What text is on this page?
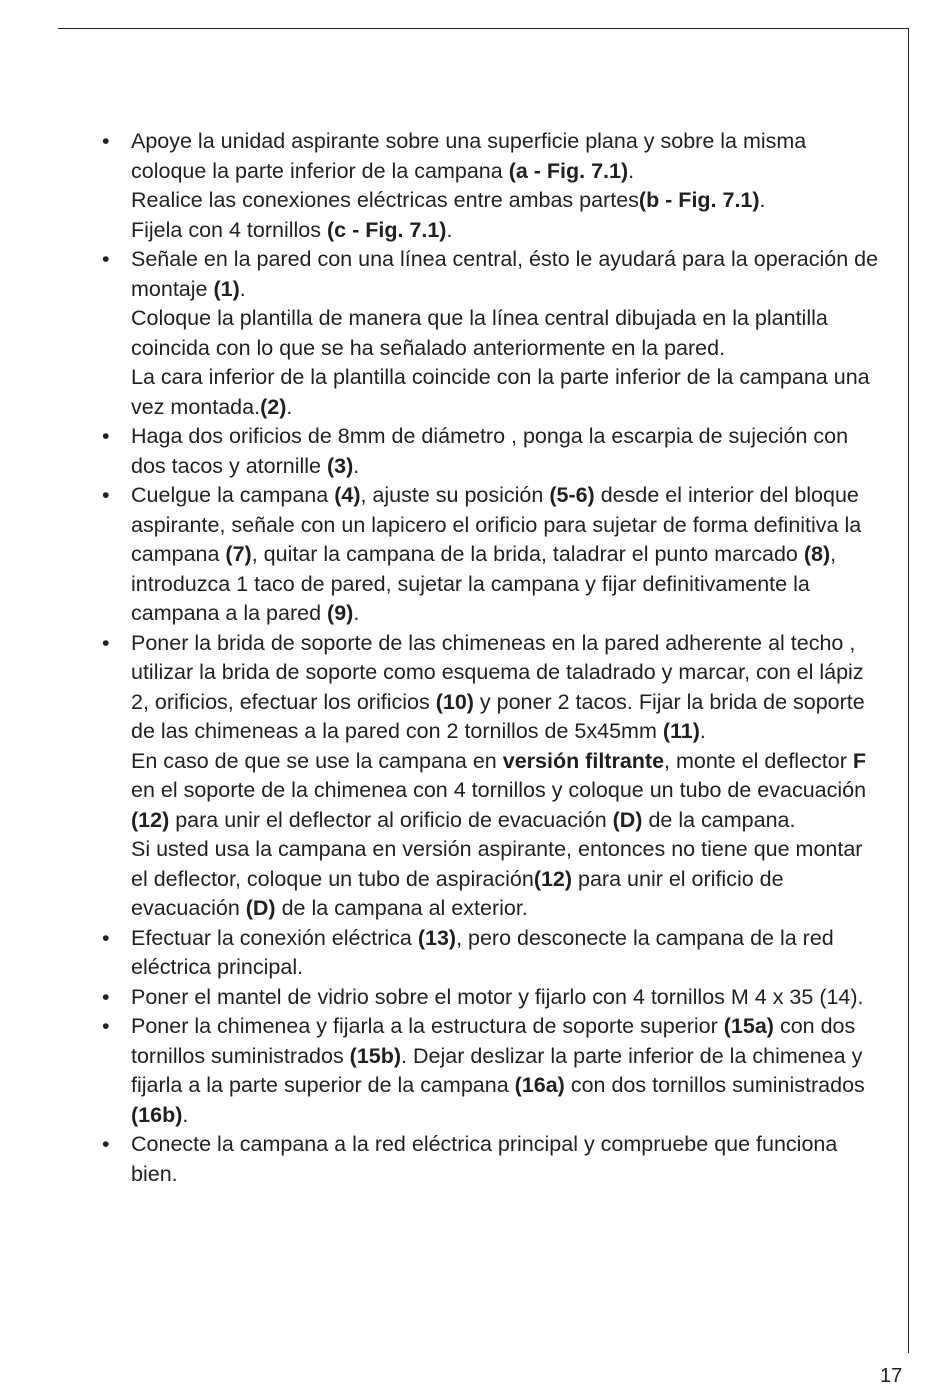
• Apoye la unidad aspirante sobre una superficie plana y sobre la misma coloque la parte inferior de la campana (a - Fig. 7.1).
Realice las conexiones eléctricas entre ambas partes(b - Fig. 7.1).
Fijela con 4 tornillos (c - Fig. 7.1).
• Señale en la pared con una línea central, ésto le ayudará para la operación de montaje (1).
Coloque la plantilla de manera que la línea central dibujada en la plantilla coincida con lo que se ha señalado anteriormente en la pared.
La cara inferior de la plantilla coincide con la parte inferior de la campana una vez montada.(2).
• Haga dos orificios de 8mm de diámetro , ponga la escarpia de sujeción con dos tacos y atornille (3).
• Cuelgue la campana (4), ajuste su posición (5-6) desde el interior del bloque aspirante, señale con un lapicero el orificio para sujetar de forma definitiva la campana (7), quitar la campana de la brida, taladrar el punto marcado (8), introduzca 1 taco de pared, sujetar la campana y fijar definitivamente la campana a la pared (9).
• Poner la brida de soporte de las chimeneas en la pared adherente al techo , utilizar la brida de soporte como esquema de taladrado y marcar, con el lápiz 2, orificios, efectuar los orificios (10) y poner 2 tacos. Fijar la brida de soporte de las chimeneas a la pared con 2 tornillos de 5x45mm (11).
En caso de que se use la campana en versión filtrante, monte el deflector F en el soporte de la chimenea con 4 tornillos y coloque un tubo de evacuación (12) para unir el deflector al orificio de evacuación (D) de la campana.
Si usted usa la campana en versión aspirante, entonces no tiene que montar el deflector, coloque un tubo de aspiración(12) para unir el orificio de evacuación (D) de la campana al exterior.
• Efectuar la conexión eléctrica (13), pero desconecte la campana de la red eléctrica principal.
• Poner el mantel de vidrio sobre el motor y fijarlo con 4 tornillos M 4 x 35 (14).
• Poner la chimenea y fijarla a la estructura de soporte superior (15a) con dos tornillos suministrados (15b). Dejar deslizar la parte inferior de la chimenea y fijarla a la parte superior de la campana (16a) con dos tornillos suministrados (16b).
• Conecte la campana a la red eléctrica principal y compruebe que funciona bien.
17
